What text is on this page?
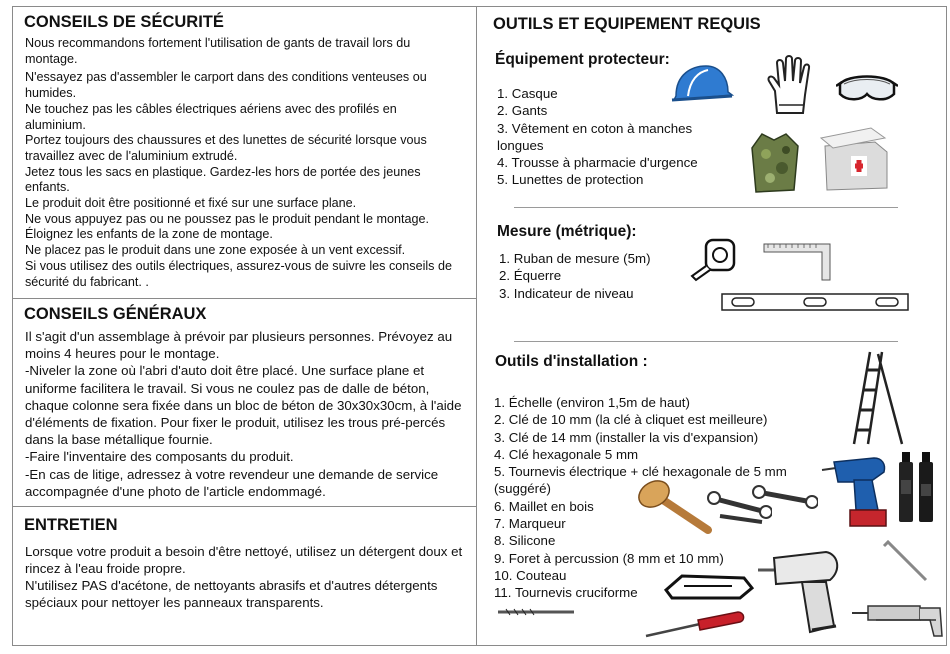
CONSEILS DE SÉCURITÉ

Nous recommandons fortement l'utilisation de gants de travail lors du montage.

N'essayez pas d'assembler le carport dans des conditions venteuses ou humides.

Ne touchez pas les câbles électriques aériens avec des profilés en aluminium.

Portez toujours des chaussures et des lunettes de sécurité lorsque vous travaillez avec de l'aluminium extrudé.

Jetez tous les sacs en plastique. Gardez-les hors de portée des jeunes enfants.

Le produit doit être positionné et fixé sur une surface plane.

Ne vous appuyez pas ou ne poussez pas le produit pendant le montage.

Éloignez les enfants de la zone de montage.

Ne placez pas le produit dans une zone exposée à un vent excessif.

Si vous utilisez des outils électriques, assurez-vous de suivre les conseils de sécurité du fabricant. .

CONSEILS GÉNÉRAUX

Il s'agit d'un assemblage à prévoir par plusieurs personnes. Prévoyez au moins 4 heures pour le montage.

-Niveler la zone où l'abri d'auto doit être placé. Une surface plane et uniforme facilitera le travail. Si vous ne coulez pas de dalle de béton, chaque colonne sera fixée dans un bloc de béton de 30x30x30cm, à l'aide d'éléments de fixation. Pour fixer le produit, utilisez les trous pré-percés dans la base métallique fournie.

-Faire l'inventaire des composants du produit.

-En cas de litige, adressez à votre revendeur une demande de service accompagnée d'une photo de l'article endommagé.

ENTRETIEN

Lorsque votre produit a besoin d'être nettoyé, utilisez un détergent doux et rincez à l'eau froide propre.

N'utilisez PAS d'acétone, de nettoyants abrasifs et d'autres détergents spéciaux pour nettoyer les panneaux transparents.

OUTILS ET EQUIPEMENT REQUIS
Équipement protecteur:
1. Casque
2. Gants
3. Vêtement en coton à manches longues
4. Trousse à pharmacie d'urgence
5. Lunettes de protection
Mesure (métrique):
1. Ruban de mesure (5m)
2. Équerre
3. Indicateur de niveau
Outils d'installation :
1. Échelle (environ 1,5m de haut)
2. Clé de 10 mm (la clé à cliquet est meilleure)
3. Clé de 14 mm (installer la vis d'expansion)
4. Clé hexagonale 5 mm
5. Tournevis électrique + clé hexagonale de 5 mm (suggéré)
6. Maillet en bois
7. Marqueur
8. Silicone
9. Foret à percussion (8 mm et 10 mm)
10. Couteau
11. Tournevis cruciforme
